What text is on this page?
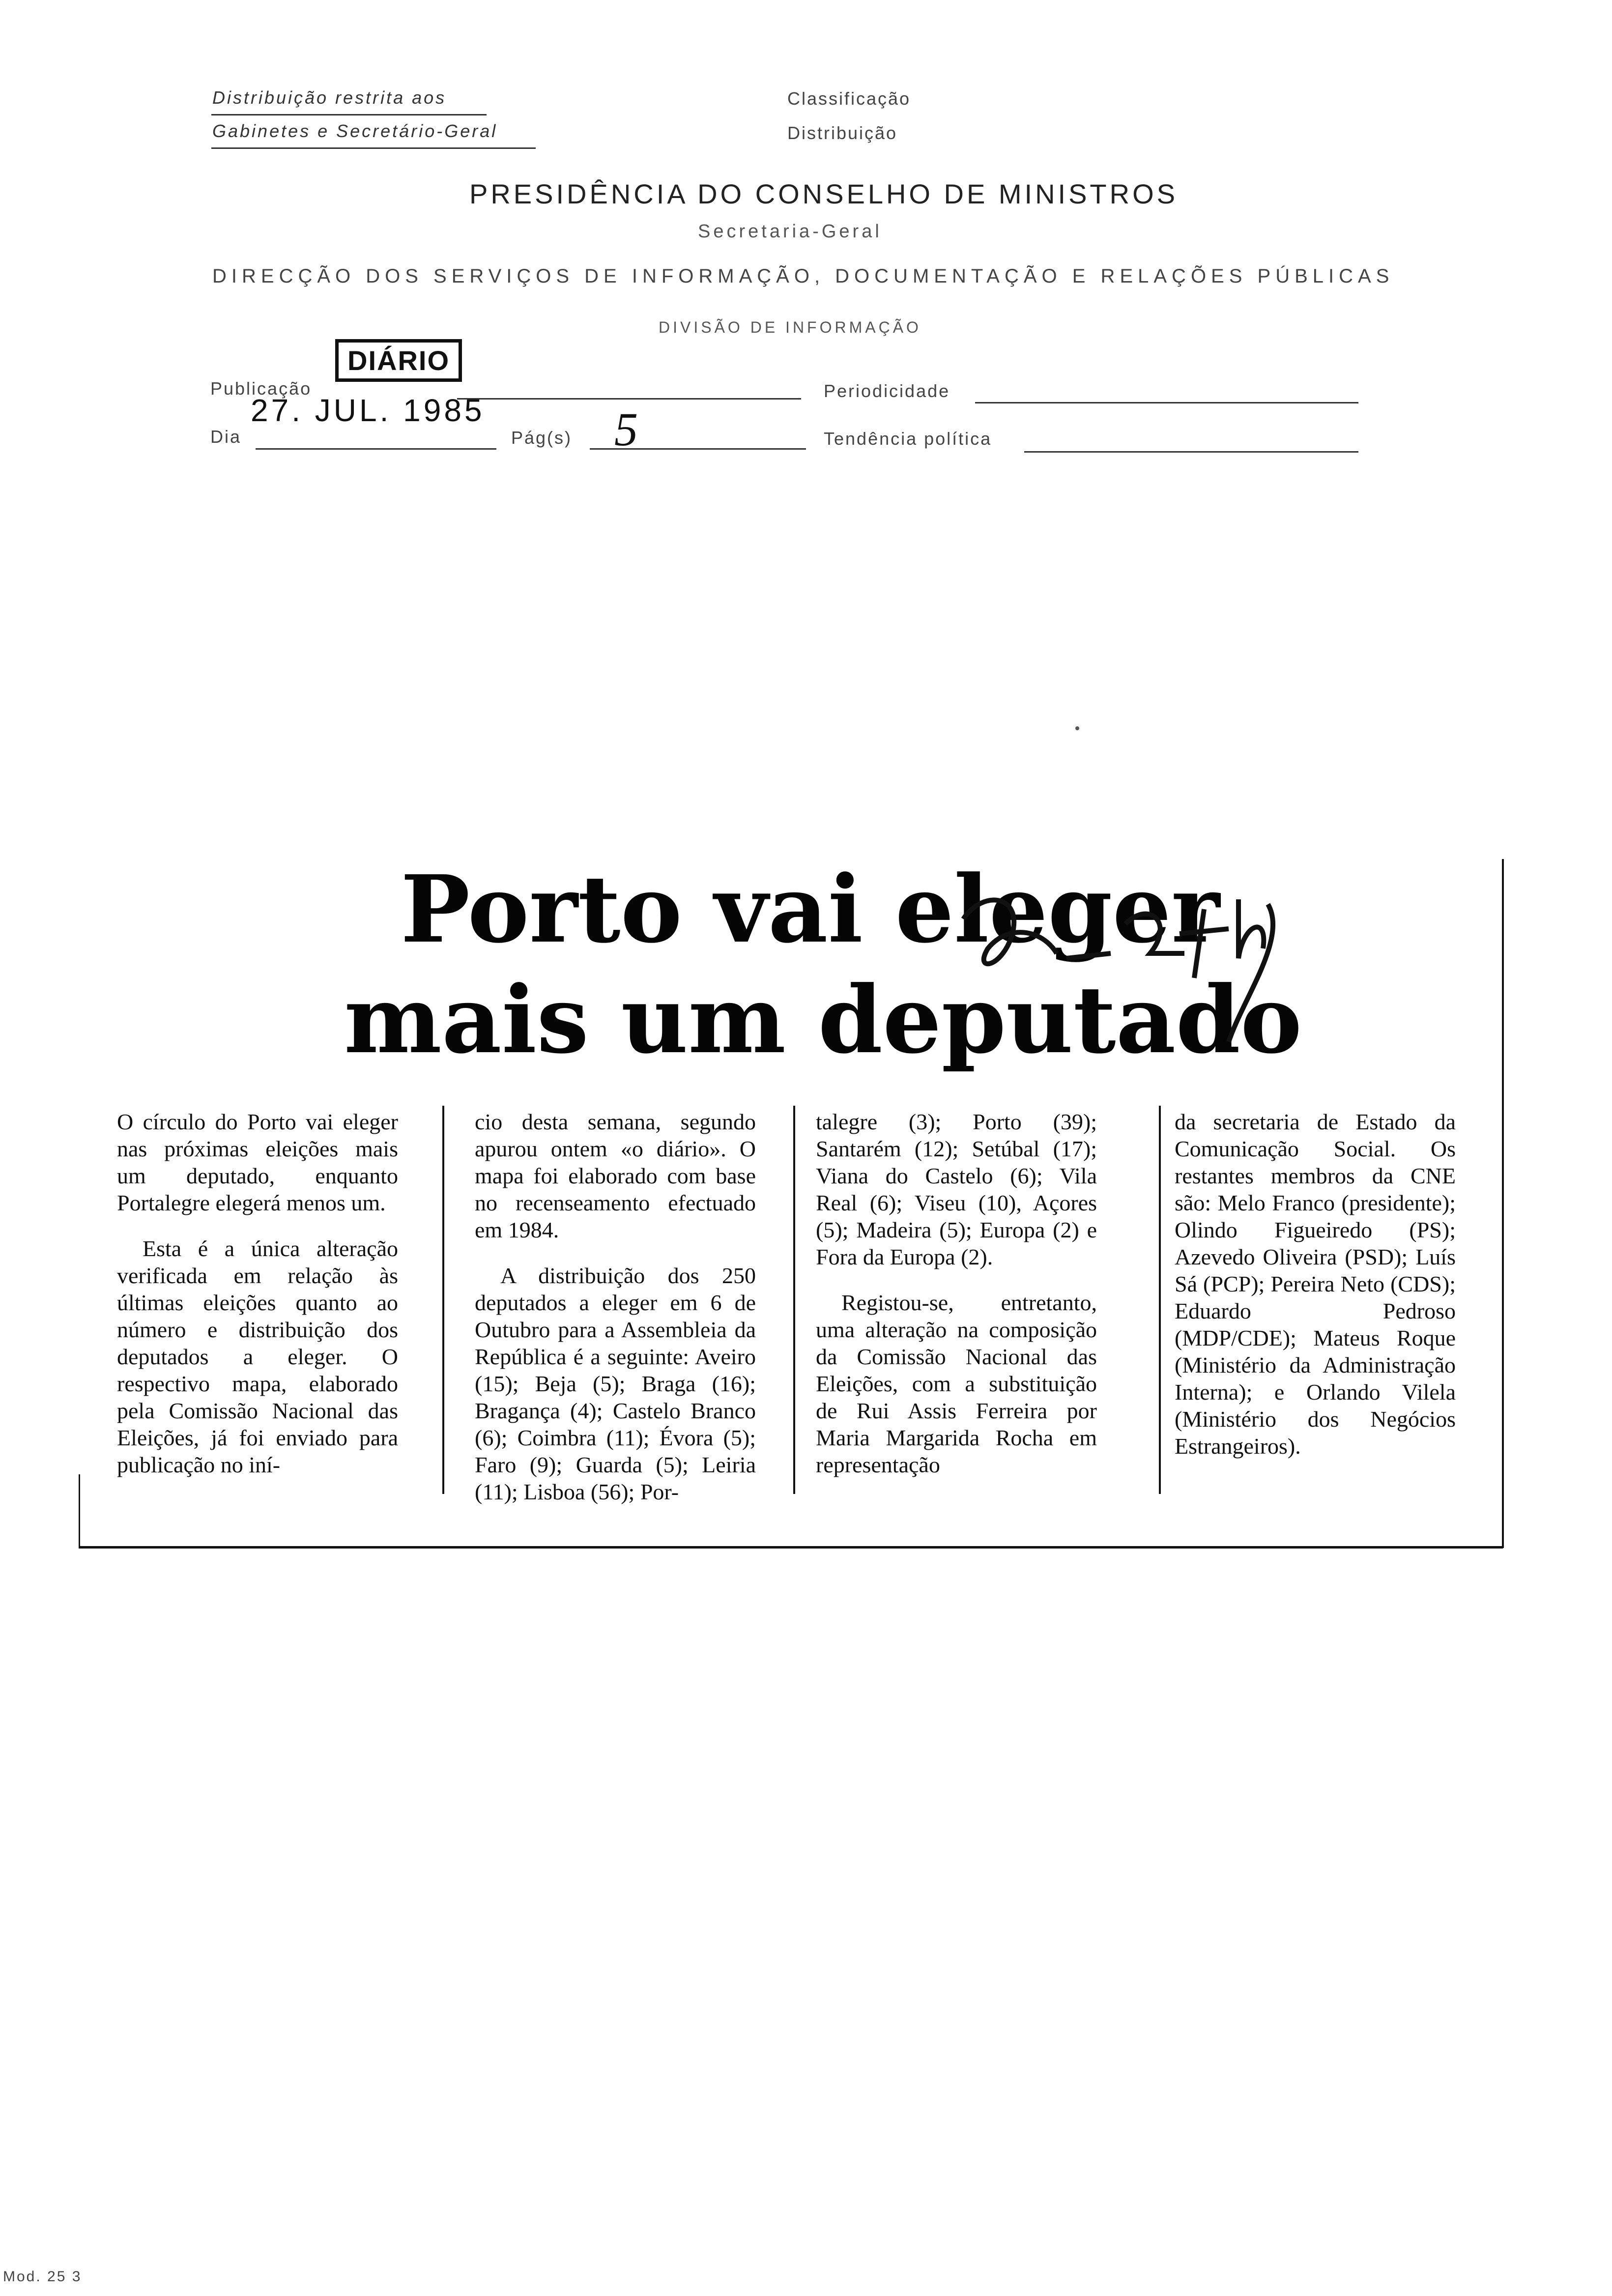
Distribuição restrita aos
Gabinetes e Secretário-Geral
Classificação
Distribuição
PRESIDÊNCIA DO CONSELHO DE MINISTROS
Secretaria-Geral
DIRECÇÃO DOS SERVIÇOS DE INFORMAÇÃO, DOCUMENTAÇÃO E RELAÇÕES PÚBLICAS
DIVISÃO DE INFORMAÇÃO
DIÁRIO
Publicação
27. JUL. 1985
Periodicidade
Dia	Pág(s) 5	Tendência política
Porto vai eleger
mais um deputado

O círculo do Porto vai eleger nas próximas eleições mais um deputado, enquanto Portalegre elegerá menos um.

Esta é a única alteração verificada em relação às últimas eleições quanto ao número e distribuição dos deputados a eleger. O respectivo mapa, elaborado pela Comissão Nacional das Eleições, já foi enviado para publicação no iní-

cio desta semana, segundo apurou ontem «o diário». O mapa foi elaborado com base no recenseamento efectuado em 1984.

A distribuição dos 250 deputados a eleger em 6 de Outubro para a Assembleia da República é a seguinte: Aveiro (15); Beja (5); Braga (16); Bragança (4); Castelo Branco (6); Coimbra (11); Évora (5); Faro (9); Guarda (5); Leiria (11); Lisboa (56); Por-

talegre (3); Porto (39); Santarém (12); Setúbal (17); Viana do Castelo (6); Vila Real (6); Viseu (10), Açores (5); Madeira (5); Europa (2) e Fora da Europa (2).

Registou-se, entretanto, uma alteração na composição da Comissão Nacional das Eleições, com a substituição de Rui Assis Ferreira por Maria Margarida Rocha em representação

da secretaria de Estado da Comunicação Social. Os restantes membros da CNE são: Melo Franco (presidente); Olindo Figueiredo (PS); Azevedo Oliveira (PSD); Luís Sá (PCP); Pereira Neto (CDS); Eduardo Pedroso (MDP/CDE); Mateus Roque (Ministério da Administração Interna); e Orlando Vilela (Ministério dos Negócios Estrangeiros).

Mod. 25 3
